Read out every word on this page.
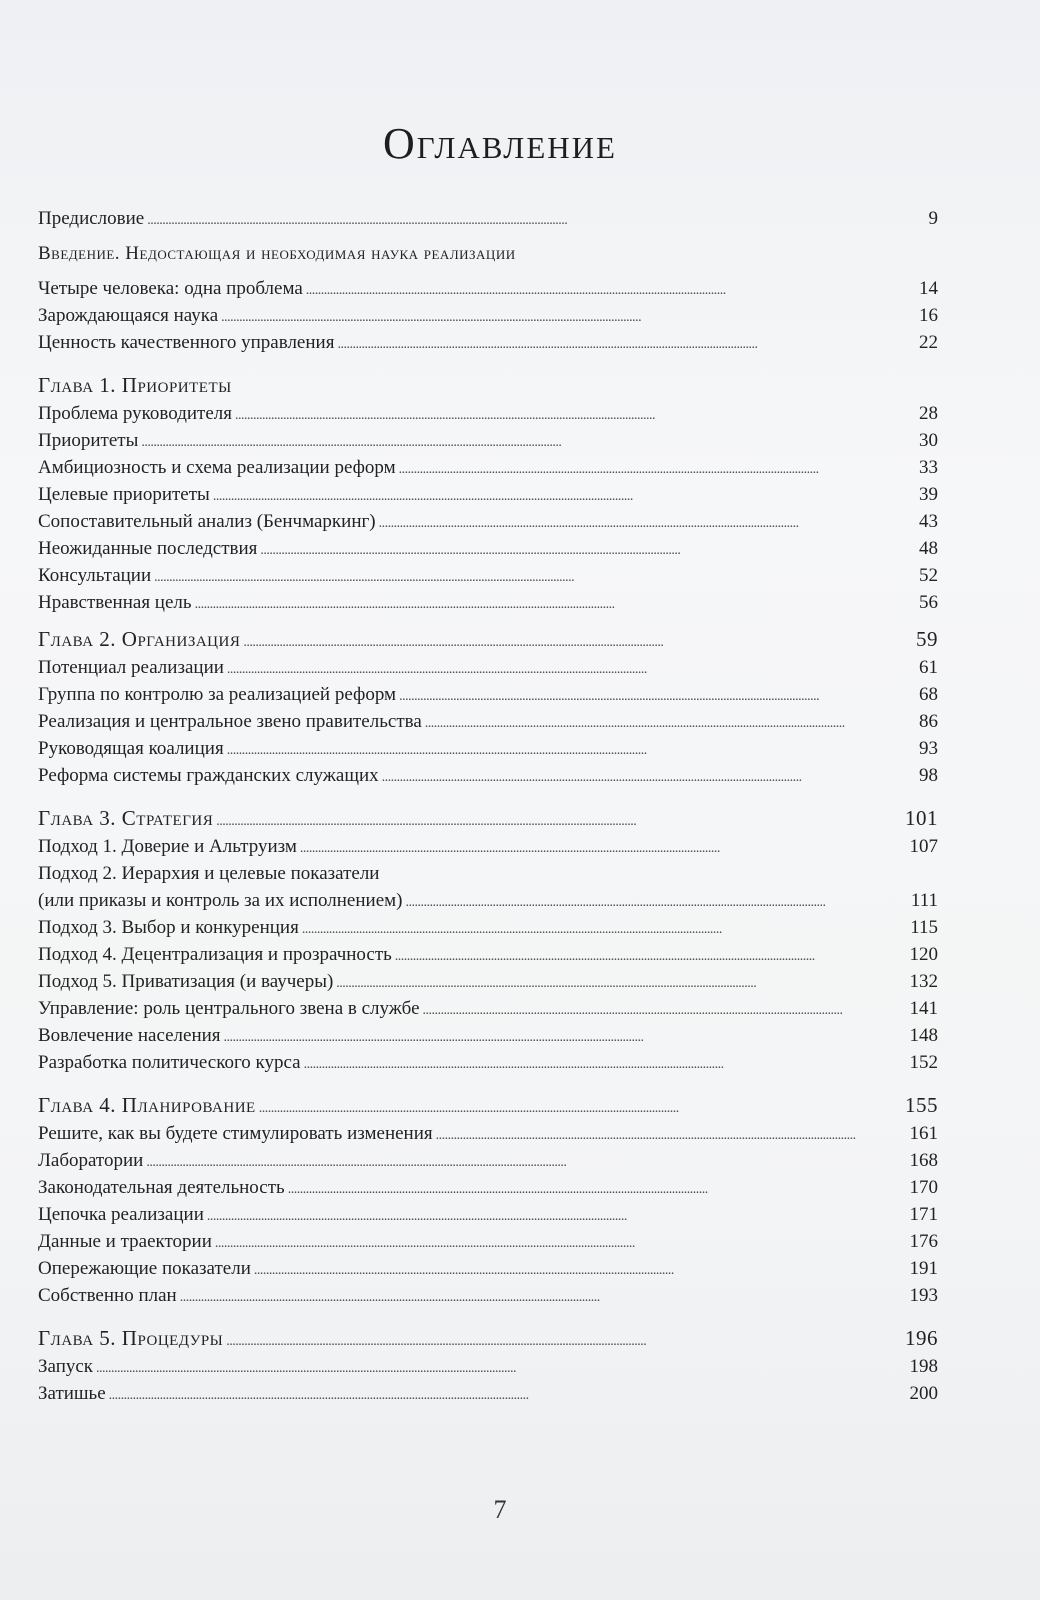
Оглавление
Предисловие . . .	9
Введение. Недостающая и необходимая наука реализации
Четыре человека: одна проблема . . .	14
Зарождающаяся наука . . .	16
Ценность качественного управления . . .	22
Глава 1. Приоритеты
Проблема руководителя . . .	28
Приоритеты . . .	30
Амбициозность и схема реализации реформ . . .	33
Целевые приоритеты . . .	39
Сопоставительный анализ (Бенчмаркинг) . . .	43
Неожиданные последствия . . .	48
Консультации . . .	52
Нравственная цель . . .	56
Глава 2. Организация . . .	59
Потенциал реализации . . .	61
Группа по контролю за реализацией реформ . . .	68
Реализация и центральное звено правительства . . .	86
Руководящая коалиция . . .	93
Реформа системы гражданских служащих . . .	98
Глава 3. Стратегия . . .	101
Подход 1. Доверие и Альтруизм . . .	107
Подход 2. Иерархия и целевые показатели
(или приказы и контроль за их исполнением) . . .	111
Подход 3. Выбор и конкуренция . . .	115
Подход 4. Децентрализация и прозрачность . . .	120
Подход 5. Приватизация (и ваучеры) . . .	132
Управление: роль центрального звена в службе . . .	141
Вовлечение населения . . .	148
Разработка политического курса . . .	152
Глава 4. Планирование . . .	155
Решите, как вы будете стимулировать изменения . . .	161
Лаборатории . . .	168
Законодательная деятельность . . .	170
Цепочка реализации . . .	171
Данные и траектории . . .	176
Опережающие показатели . . .	191
Собственно план . . .	193
Глава 5. Процедуры . . .	196
Запуск . . .	198
Затишье . . .	200
7
